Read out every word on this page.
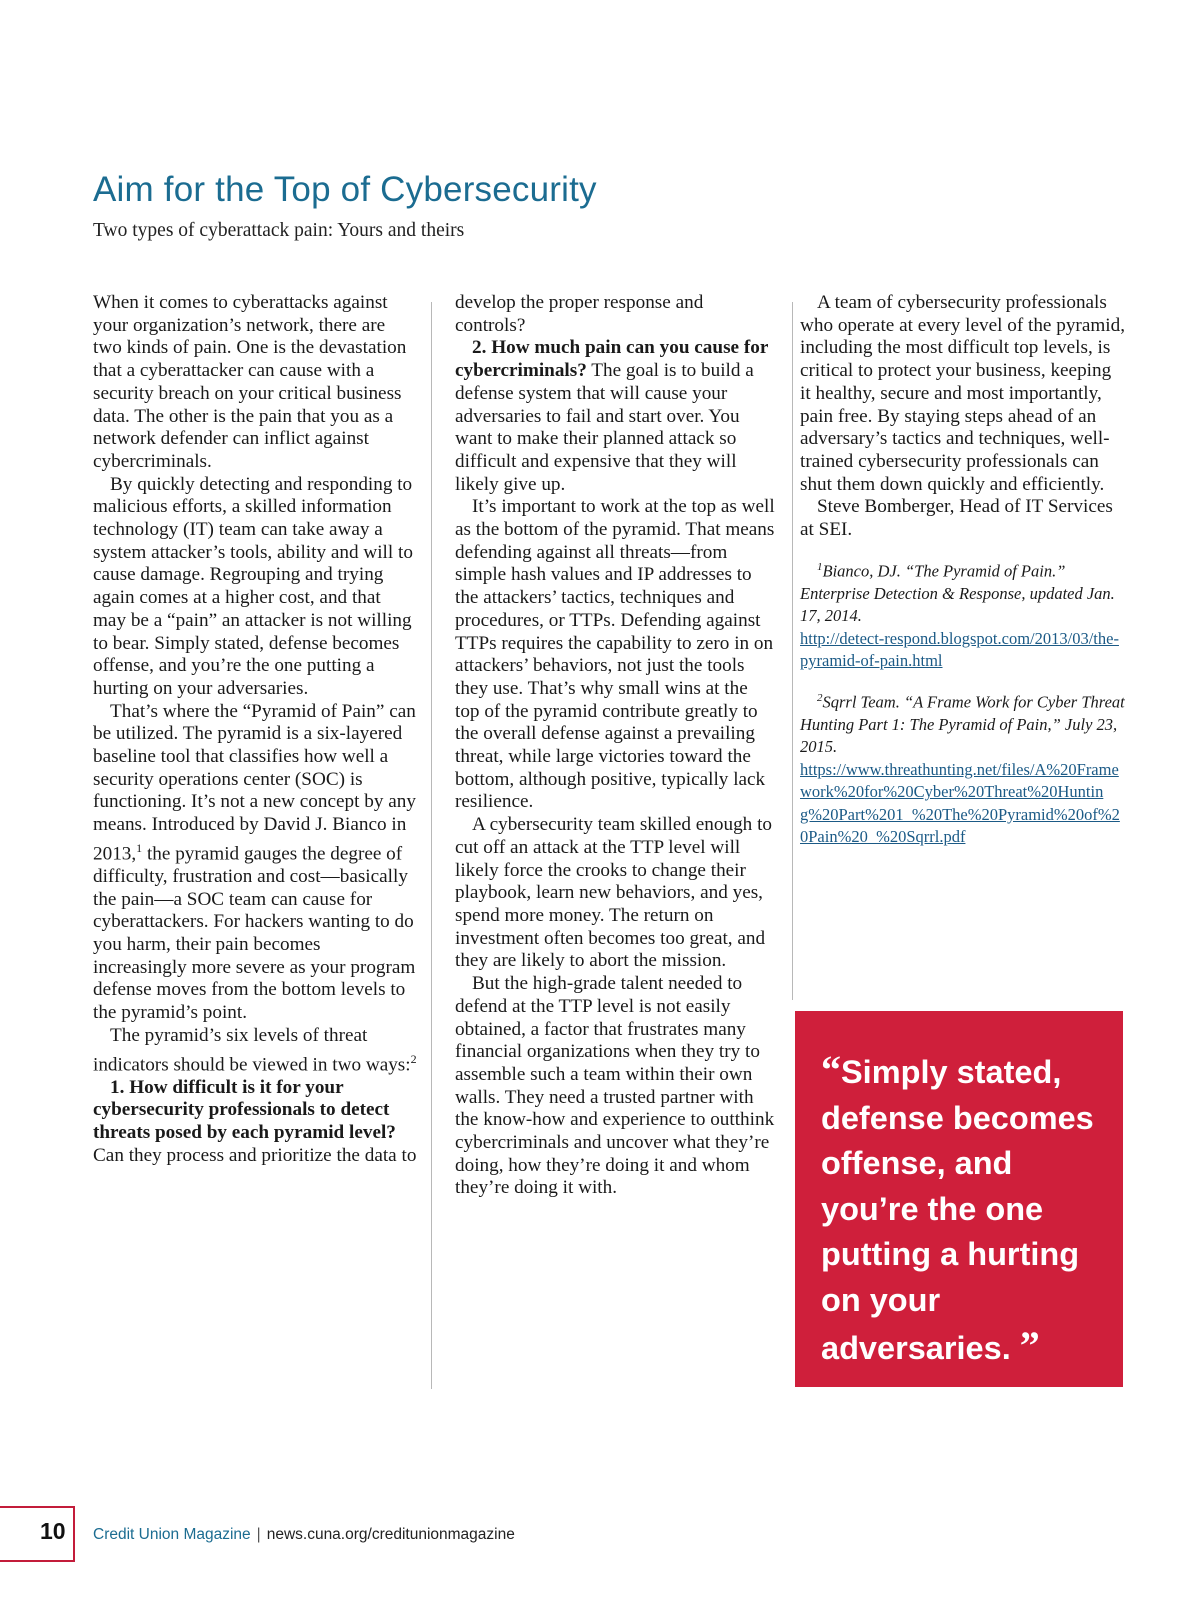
Aim for the Top of Cybersecurity
Two types of cyberattack pain: Yours and theirs

When it comes to cyberattacks against your organization’s network, there are two kinds of pain. One is the devastation that a cyberattacker can cause with a security breach on your critical business data. The other is the pain that you as a network defender can inflict against cybercriminals.

By quickly detecting and responding to malicious efforts, a skilled information technology (IT) team can take away a system attacker’s tools, ability and will to cause damage. Regrouping and trying again comes at a higher cost, and that may be a “pain” an attacker is not willing to bear. Simply stated, defense becomes offense, and you’re the one putting a hurting on your adversaries.

That’s where the “Pyramid of Pain” can be utilized. The pyramid is a six-layered baseline tool that classifies how well a security operations center (SOC) is functioning. It’s not a new concept by any means. Introduced by David J. Bianco in 2013,$^1$ the pyramid gauges the degree of difficulty, frustration and cost—basically the pain—a SOC team can cause for cyberattackers. For hackers wanting to do you harm, their pain becomes increasingly more severe as your program defense moves from the bottom levels to the pyramid’s point.

The pyramid’s six levels of threat indicators should be viewed in two ways:$^2$

1. How difficult is it for your cybersecurity professionals to detect threats posed by each pyramid level? Can they process and prioritize the data to

develop the proper response and controls?

2. How much pain can you cause for cybercriminals? The goal is to build a defense system that will cause your adversaries to fail and start over. You want to make their planned attack so difficult and expensive that they will likely give up.

It’s important to work at the top as well as the bottom of the pyramid. That means defending against all threats—from simple hash values and IP addresses to the attackers’ tactics, techniques and procedures, or TTPs. Defending against TTPs requires the capability to zero in on attackers’ behaviors, not just the tools they use. That’s why small wins at the top of the pyramid contribute greatly to the overall defense against a prevailing threat, while large victories toward the bottom, although positive, typically lack resilience.

A cybersecurity team skilled enough to cut off an attack at the TTP level will likely force the crooks to change their playbook, learn new behaviors, and yes, spend more money. The return on investment often becomes too great, and they are likely to abort the mission.

But the high-grade talent needed to defend at the TTP level is not easily obtained, a factor that frustrates many financial organizations when they try to assemble such a team within their own walls. They need a trusted partner with the know-how and experience to outthink cybercriminals and uncover what they’re doing, how they’re doing it and whom they’re doing it with.

A team of cybersecurity professionals who operate at every level of the pyramid, including the most difficult top levels, is critical to protect your business, keeping it healthy, secure and most importantly, pain free. By staying steps ahead of an adversary’s tactics and techniques, well-trained cybersecurity professionals can shut them down quickly and efficiently.

Steve Bomberger, Head of IT Services at SEI.

$^1$Bianco, DJ. “The Pyramid of Pain.” Enterprise Detection & Response, updated Jan. 17, 2014.
http://detect-respond.blogspot.com/2013/03/the-pyramid-of-pain.html
$^2$Sqrrl Team. “A Frame Work for Cyber Threat Hunting Part 1: The Pyramid of Pain,” July 23, 2015.
https://www.threathunting.net/files/A%20Framework%20for%20Cyber%20Threat%20Hunting%20Part%201_%20The%20Pyramid%20of%20Pain%20_%20Sqrrl.pdf
“Simply stated, defense becomes offense, and you’re the one putting a hurting on your adversaries. ”
10 Credit Union Magazine | news.cuna.org/creditunionmagazine
